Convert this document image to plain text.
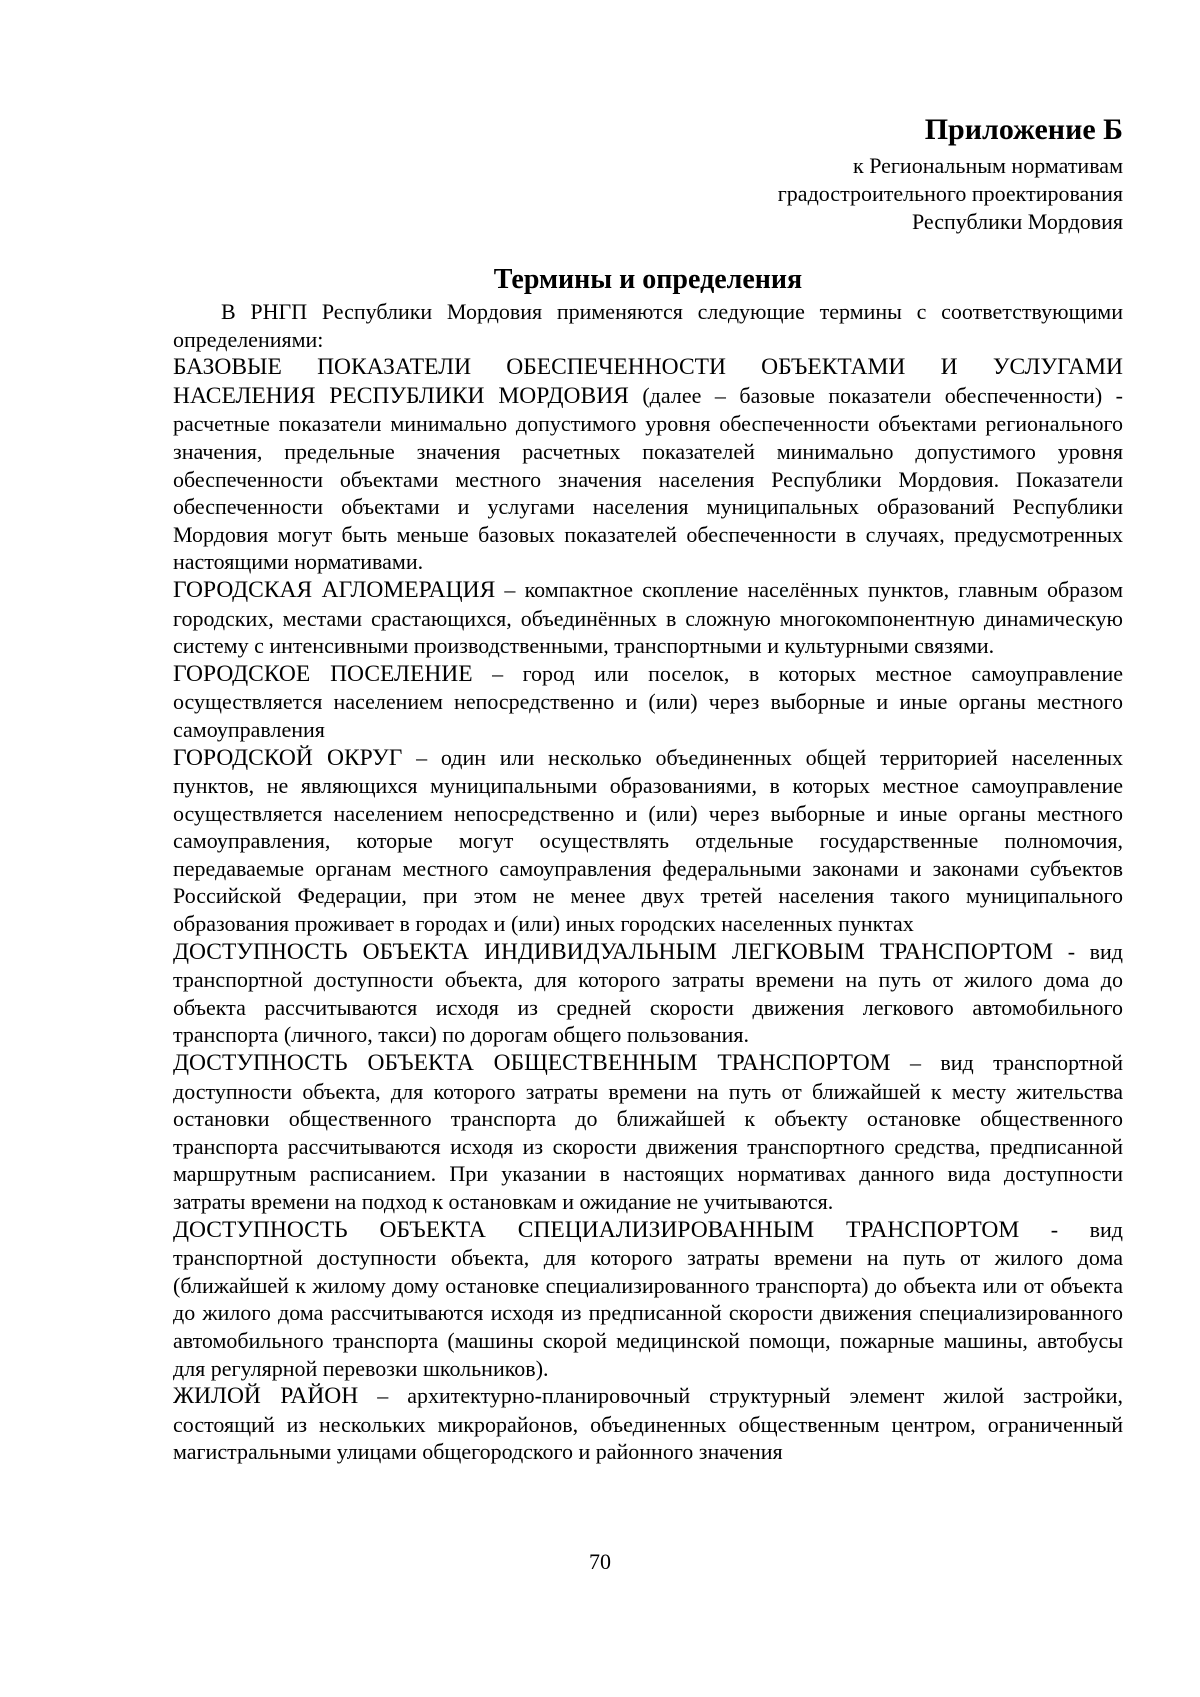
Приложение Б

к Региональным нормативам

градостроительного проектирования

Республики Мордовия

Термины и определения

В РНГП Республики Мордовия применяются следующие термины с соответствующими определениями:

БАЗОВЫЕ ПОКАЗАТЕЛИ ОБЕСПЕЧЕННОСТИ ОБЪЕКТАМИ И УСЛУГАМИ НАСЕЛЕНИЯ РЕСПУБЛИКИ МОРДОВИЯ (далее – базовые показатели обеспеченности) - расчетные показатели минимально допустимого уровня обеспеченности объектами регионального значения, предельные значения расчетных показателей минимально допустимого уровня обеспеченности объектами местного значения населения Республики Мордовия. Показатели обеспеченности объектами и услугами населения муниципальных образований Республики Мордовия могут быть меньше базовых показателей обеспеченности в случаях, предусмотренных настоящими нормативами.

ГОРОДСКАЯ АГЛОМЕРАЦИЯ – компактное скопление населённых пунктов, главным образом городских, местами срастающихся, объединённых в сложную многокомпонентную динамическую систему с интенсивными производственными, транспортными и культурными связями.

ГОРОДСКОЕ ПОСЕЛЕНИЕ – город или поселок, в которых местное самоуправление осуществляется населением непосредственно и (или) через выборные и иные органы местного самоуправления

ГОРОДСКОЙ ОКРУГ – один или несколько объединенных общей территорией населенных пунктов, не являющихся муниципальными образованиями, в которых местное самоуправление осуществляется населением непосредственно и (или) через выборные и иные органы местного самоуправления, которые могут осуществлять отдельные государственные полномочия, передаваемые органам местного самоуправления федеральными законами и законами субъектов Российской Федерации, при этом не менее двух третей населения такого муниципального образования проживает в городах и (или) иных городских населенных пунктах

ДОСТУПНОСТЬ ОБЪЕКТА ИНДИВИДУАЛЬНЫМ ЛЕГКОВЫМ ТРАНСПОРТОМ - вид транспортной доступности объекта, для которого затраты времени на путь от жилого дома до объекта рассчитываются исходя из средней скорости движения легкового автомобильного транспорта (личного, такси) по дорогам общего пользования.

ДОСТУПНОСТЬ ОБЪЕКТА ОБЩЕСТВЕННЫМ ТРАНСПОРТОМ – вид транспортной доступности объекта, для которого затраты времени на путь от ближайшей к месту жительства остановки общественного транспорта до ближайшей к объекту остановке общественного транспорта рассчитываются исходя из скорости движения транспортного средства, предписанной маршрутным расписанием. При указании в настоящих нормативах данного вида доступности затраты времени на подход к остановкам и ожидание не учитываются.

ДОСТУПНОСТЬ ОБЪЕКТА СПЕЦИАЛИЗИРОВАННЫМ ТРАНСПОРТОМ - вид транспортной доступности объекта, для которого затраты времени на путь от жилого дома (ближайшей к жилому дому остановке специализированного транспорта) до объекта или от объекта до жилого дома рассчитываются исходя из предписанной скорости движения специализированного автомобильного транспорта (машины скорой медицинской помощи, пожарные машины, автобусы для регулярной перевозки школьников).

ЖИЛОЙ РАЙОН – архитектурно-планировочный структурный элемент жилой застройки, состоящий из нескольких микрорайонов, объединенных общественным центром, ограниченный магистральными улицами общегородского и районного значения

70
